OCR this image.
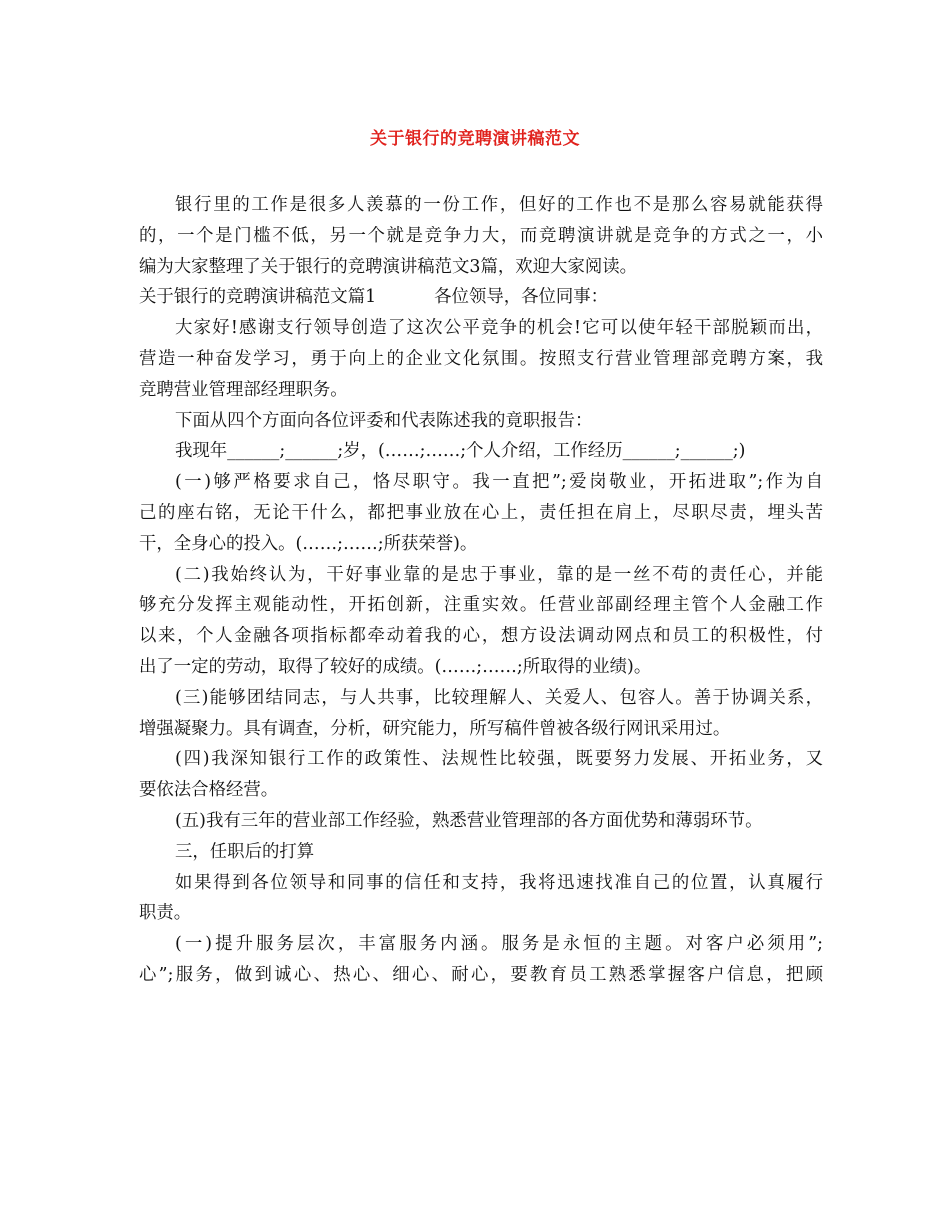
关于银行的竞聘演讲稿范文
银行里的工作是很多人羡慕的一份工作，但好的工作也不是那么容易就能获得
的，一个是门槛不低，另一个就是竞争力大，而竞聘演讲就是竞争的方式之一，小
编为大家整理了关于银行的竞聘演讲稿范文3篇，欢迎大家阅读。
关于银行的竞聘演讲稿范文篇1	各位领导，各位同事：
大家好!感谢支行领导创造了这次公平竞争的机会!它可以使年轻干部脱颖而出，
营造一种奋发学习，勇于向上的企业文化氛围。按照支行营业管理部竞聘方案，我
竞聘营业管理部经理职务。
下面从四个方面向各位评委和代表陈述我的竟职报告：
我现年______;______;岁，(……;……;个人介绍，工作经历______;______;)
(一)够严格要求自己，恪尽职守。我一直把”;爱岗敬业，开拓进取”;作为自
己的座右铭，无论干什么，都把事业放在心上，责任担在肩上，尽职尽责，埋头苦
干，全身心的投入。(……;……;所获荣誉)。
(二)我始终认为，干好事业靠的是忠于事业，靠的是一丝不苟的责任心，并能
够充分发挥主观能动性，开拓创新，注重实效。任营业部副经理主管个人金融工作
以来，个人金融各项指标都牵动着我的心，想方设法调动网点和员工的积极性，付
出了一定的劳动，取得了较好的成绩。(……;……;所取得的业绩)。
(三)能够团结同志，与人共事，比较理解人、关爱人、包容人。善于协调关系，
增强凝聚力。具有调查，分析，研究能力，所写稿件曾被各级行网讯采用过。
(四)我深知银行工作的政策性、法规性比较强，既要努力发展、开拓业务，又
要依法合格经营。
(五)我有三年的营业部工作经验，熟悉营业管理部的各方面优势和薄弱环节。
三，任职后的打算
如果得到各位领导和同事的信任和支持，我将迅速找准自己的位置，认真履行
职责。
(一)提升服务层次，丰富服务内涵。服务是永恒的主题。对客户必须用”;
心”;服务，做到诚心、热心、细心、耐心，要教育员工熟悉掌握客户信息，把顾
